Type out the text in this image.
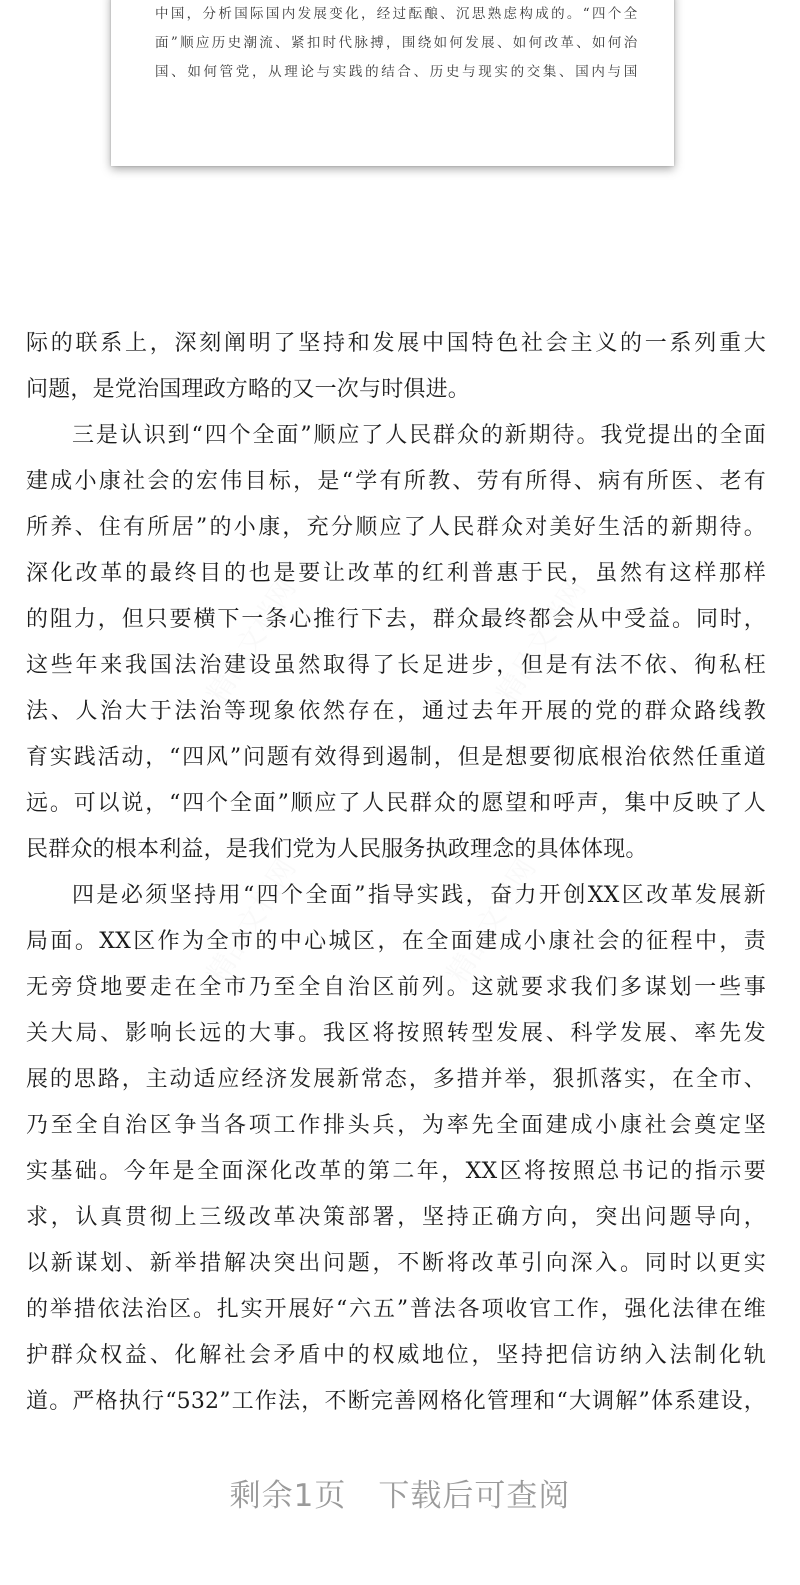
中国，分析国际国内发展变化，经过酝酿、沉思熟虑构成的。“四个全
面”顺应历史潮流、紧扣时代脉搏，围绕如何发展、如何改革、如何治
国、如何管党，从理论与实践的结合、历史与现实的交集、国内与国
精品文档网	精品文档网
精品文档网	精品文档网
际的联系上，深刻阐明了坚持和发展中国特色社会主义的一系列重大
问题，是党治国理政方略的又一次与时俱进。
三是认识到“四个全面”顺应了人民群众的新期待。我党提出的全面
建成小康社会的宏伟目标，是“学有所教、劳有所得、病有所医、老有
所养、住有所居”的小康，充分顺应了人民群众对美好生活的新期待。
深化改革的最终目的也是要让改革的红利普惠于民，虽然有这样那样
的阻力，但只要横下一条心推行下去，群众最终都会从中受益。同时，
这些年来我国法治建设虽然取得了长足进步，但是有法不依、徇私枉
法、人治大于法治等现象依然存在，通过去年开展的党的群众路线教
育实践活动，“四风”问题有效得到遏制，但是想要彻底根治依然任重道
远。可以说，“四个全面”顺应了人民群众的愿望和呼声，集中反映了人
民群众的根本利益，是我们党为人民服务执政理念的具体体现。
四是必须坚持用“四个全面”指导实践，奋力开创XX区改革发展新
局面。XX区作为全市的中心城区，在全面建成小康社会的征程中，责
无旁贷地要走在全市乃至全自治区前列。这就要求我们多谋划一些事
关大局、影响长远的大事。我区将按照转型发展、科学发展、率先发
展的思路，主动适应经济发展新常态，多措并举，狠抓落实，在全市、
乃至全自治区争当各项工作排头兵，为率先全面建成小康社会奠定坚
实基础。今年是全面深化改革的第二年，XX区将按照总书记的指示要
求，认真贯彻上三级改革决策部署，坚持正确方向，突出问题导向，
以新谋划、新举措解决突出问题，不断将改革引向深入。同时以更实
的举措依法治区。扎实开展好“六五”普法各项收官工作，强化法律在维
护群众权益、化解社会矛盾中的权威地位，坚持把信访纳入法制化轨
道。严格执行“532”工作法，不断完善网格化管理和“大调解”体系建设，
剩余1页　下载后可查阅
